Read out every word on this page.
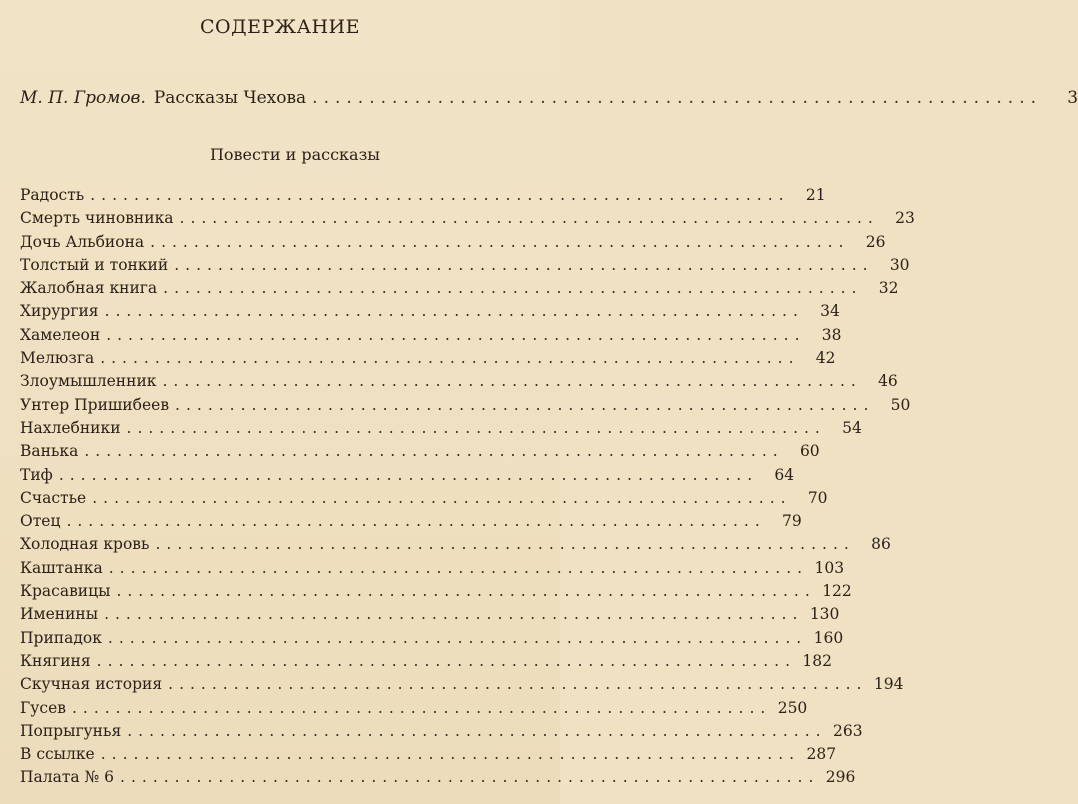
СОДЕРЖАНИЕ
М. П. Громов. Рассказы Чехова ................................................................	3
Повести и рассказы
Радость ................................................................	21
Смерть чиновника ................................................................	23
Дочь Альбиона ................................................................	26
Толстый и тонкий ................................................................	30
Жалобная книга ................................................................	32
Хирургия ................................................................	34
Хамелеон ................................................................	38
Мелюзга ................................................................	42
Злоумышленник ................................................................	46
Унтер Пришибеев ................................................................	50
Нахлебники ................................................................	54
Ванька ................................................................	60
Тиф ................................................................	64
Счастье ................................................................	70
Отец ................................................................	79
Холодная кровь ................................................................	86
Каштанка ................................................................ 103
Красавицы ................................................................ 122
Именины ................................................................ 130
Припадок ................................................................ 160
Княгиня ................................................................ 182
Скучная история ................................................................ 194
Гусев ................................................................ 250
Попрыгунья ................................................................ 263
В ссылке ................................................................ 287
Палата № 6 ................................................................ 296
